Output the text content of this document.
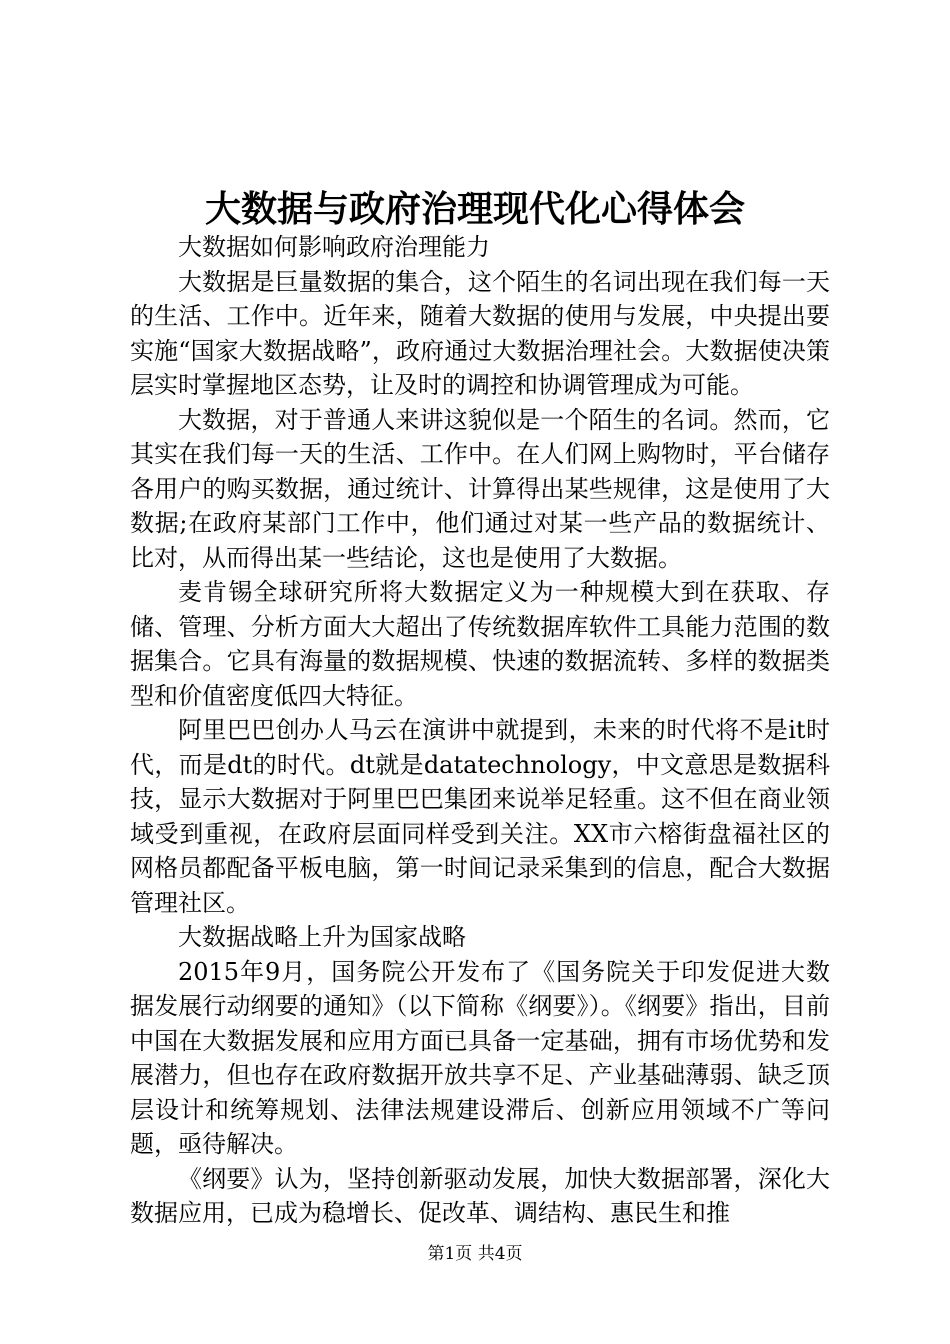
大数据与政府治理现代化心得体会

大数据如何影响政府治理能力

大数据是巨量数据的集合，这个陌生的名词出现在我们每一天的生活、工作中。近年来，随着大数据的使用与发展，中央提出要实施“国家大数据战略”，政府通过大数据治理社会。大数据使决策层实时掌握地区态势，让及时的调控和协调管理成为可能。

大数据，对于普通人来讲这貌似是一个陌生的名词。然而，它其实在我们每一天的生活、工作中。在人们网上购物时，平台储存各用户的购买数据，通过统计、计算得出某些规律，这是使用了大数据;在政府某部门工作中，他们通过对某一些产品的数据统计、比对，从而得出某一些结论，这也是使用了大数据。

麦肯锡全球研究所将大数据定义为一种规模大到在获取、存储、管理、分析方面大大超出了传统数据库软件工具能力范围的数据集合。它具有海量的数据规模、快速的数据流转、多样的数据类型和价值密度低四大特征。

阿里巴巴创办人马云在演讲中就提到，未来的时代将不是it时代，而是dt的时代。dt就是datatechnology，中文意思是数据科技，显示大数据对于阿里巴巴集团来说举足轻重。这不但在商业领域受到重视，在政府层面同样受到关注。XX市六榕街盘福社区的网格员都配备平板电脑，第一时间记录采集到的信息，配合大数据管理社区。

大数据战略上升为国家战略

2015年9月，国务院公开发布了《国务院关于印发促进大数据发展行动纲要的通知》（以下简称《纲要》）。《纲要》指出，目前中国在大数据发展和应用方面已具备一定基础，拥有市场优势和发展潜力，但也存在政府数据开放共享不足、产业基础薄弱、缺乏顶层设计和统筹规划、法律法规建设滞后、创新应用领域不广等问题，亟待解决。

《纲要》认为，坚持创新驱动发展，加快大数据部署，深化大数据应用，已成为稳增长、促改革、调结构、惠民生和推

第1页 共4页
